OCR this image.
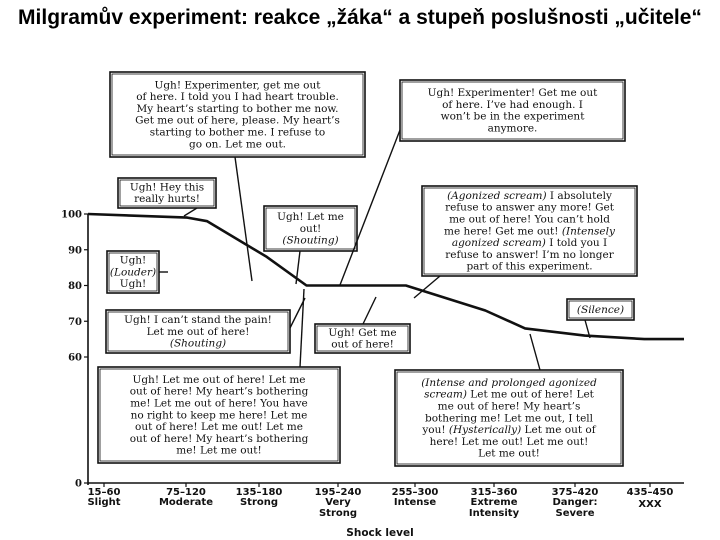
Milgramův experiment: reakce „žáka“ a stupeň poslušnosti „učitele“
Ugh! Hey this
really hurts!
Ugh!
(Louder)
Ugh!
Ugh! Experimenter, get me out
of here. I told you I had heart trouble.
My heart’s starting to bother me now.
Get me out of here, please. My heart’s
starting to bother me. I refuse to
go on. Let me out.
Ugh! Let me
out!
(Shouting)
Ugh! Experimenter! Get me out
of here. I’ve had enough. I
won’t be in the experiment
anymore.
(Agonized scream) I absolutely
refuse to answer any more! Get
me out of here! You can’t hold
me here! Get me out! (Intensely
agonized scream) I told you I
refuse to answer! I’m no longer
part of this experiment.
Ugh! I can’t stand the pain!
Let me out of here!
(Shouting)
Ugh! Get me
out of here!
(Silence)
Ugh! Let me out of here! Let me
out of here! My heart’s bothering
me! Let me out of here! You have
no right to keep me here! Let me
out of here! Let me out! Let me
out of here! My heart’s bothering
me! Let me out!
(Intense and prolonged agonized
scream) Let me out of here! Let
me out of here! My heart’s
bothering me! Let me out, I tell
you! (Hysterically) Let me out of
here! Let me out! Let me out!
Let me out!
0
60
70
80
90
100
15–60
Slight
75–120
Moderate
135–180
Strong
195–240
Very
Strong
255–300
Intense
315–360
Extreme
Intensity
375–420
Danger:
Severe
435–450
XXX
Shock level
